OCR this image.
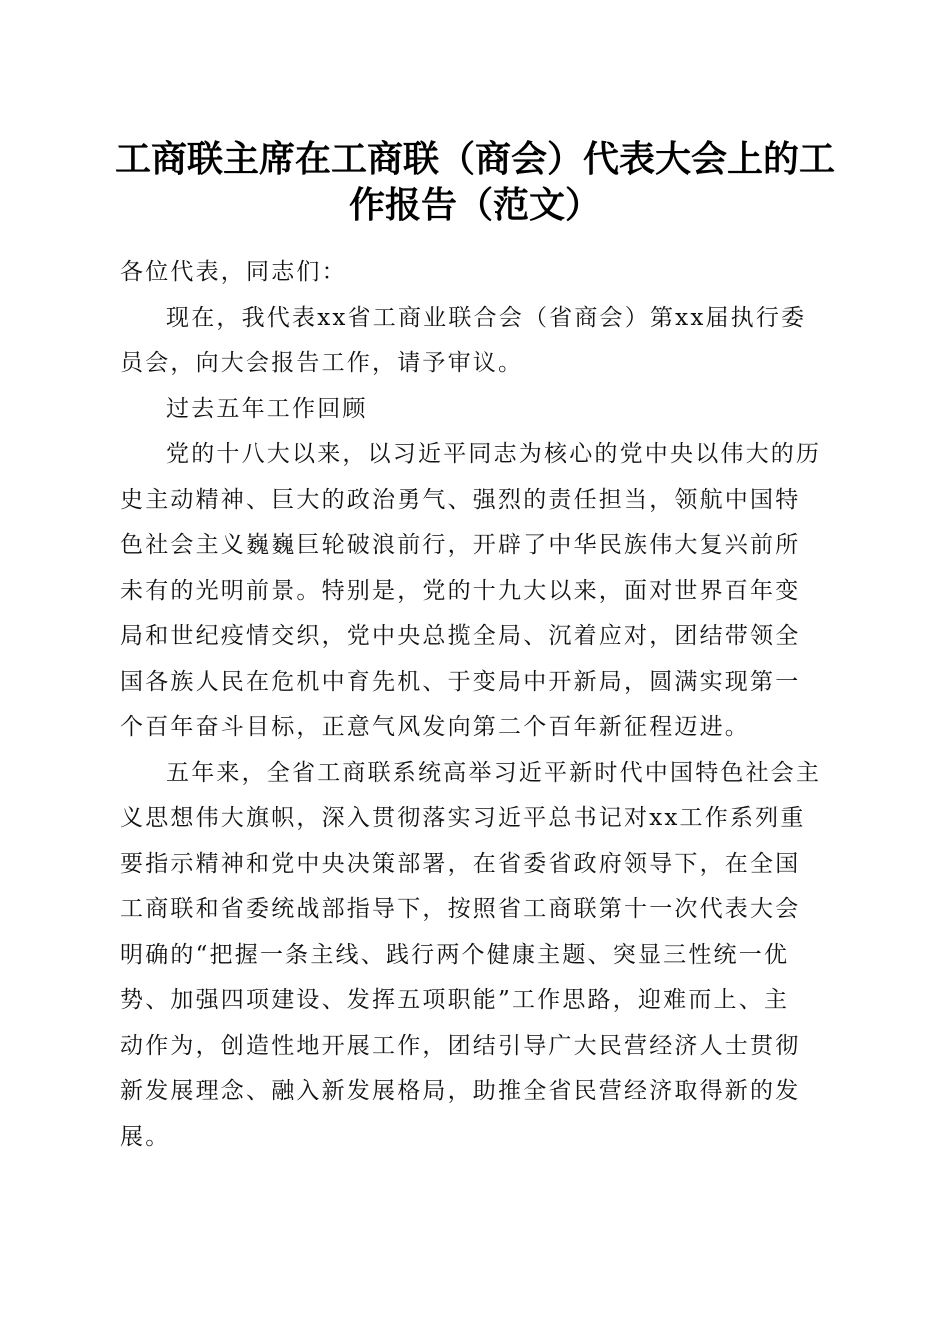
工商联主席在工商联（商会）代表大会上的工
作报告（范文）

各位代表，同志们：

现在，我代表xx省工商业联合会（省商会）第xx届执行委
员会，向大会报告工作，请予审议。

过去五年工作回顾

党的十八大以来，以习近平同志为核心的党中央以伟大的历
史主动精神、巨大的政治勇气、强烈的责任担当，领航中国特
色社会主义巍巍巨轮破浪前行，开辟了中华民族伟大复兴前所
未有的光明前景。特别是，党的十九大以来，面对世界百年变
局和世纪疫情交织，党中央总揽全局、沉着应对，团结带领全
国各族人民在危机中育先机、于变局中开新局，圆满实现第一
个百年奋斗目标，正意气风发向第二个百年新征程迈进。

五年来，全省工商联系统高举习近平新时代中国特色社会主
义思想伟大旗帜，深入贯彻落实习近平总书记对xx工作系列重
要指示精神和党中央决策部署，在省委省政府领导下，在全国
工商联和省委统战部指导下，按照省工商联第十一次代表大会
明确的“把握一条主线、践行两个健康主题、突显三性统一优
势、加强四项建设、发挥五项职能”工作思路，迎难而上、主
动作为，创造性地开展工作，团结引导广大民营经济人士贯彻
新发展理念、融入新发展格局，助推全省民营经济取得新的发
展。
